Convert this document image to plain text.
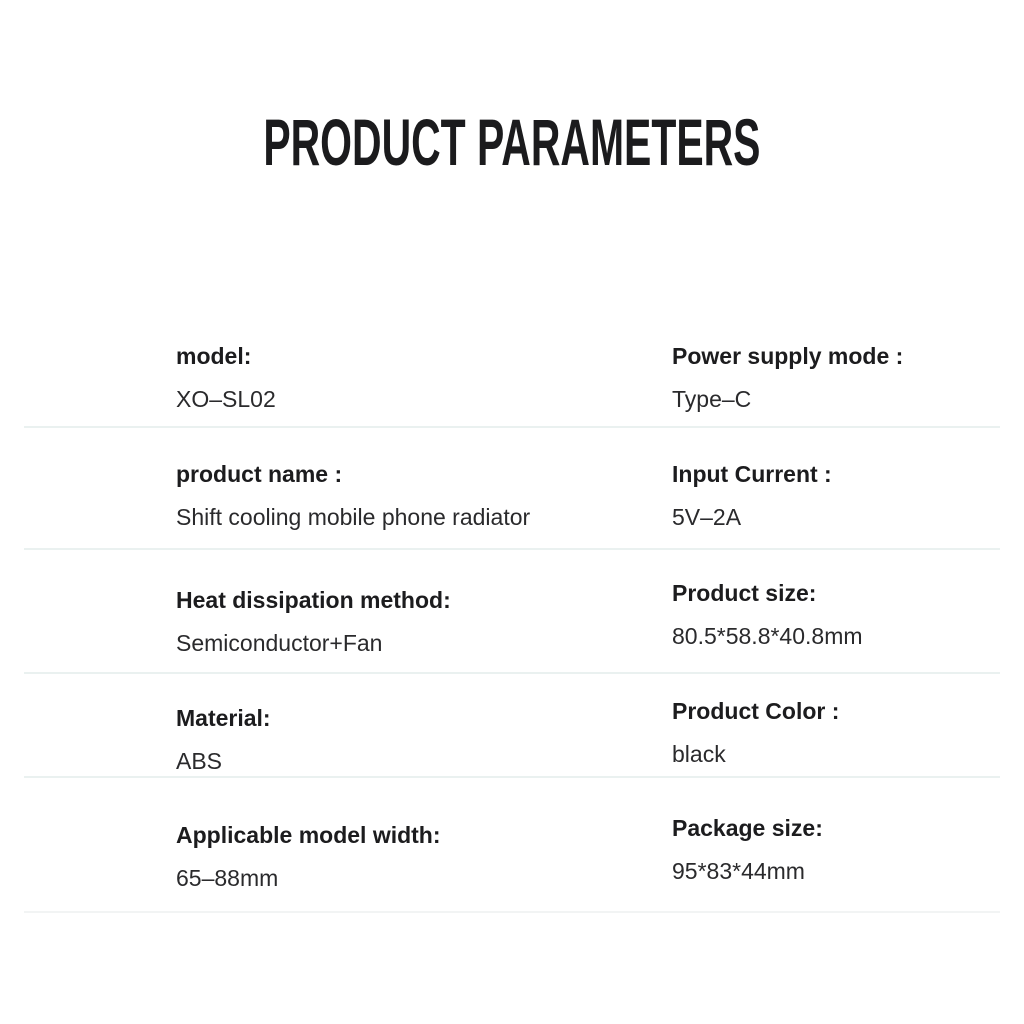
PRODUCT PARAMETERS
model:
XO–SL02
Power supply mode :
Type–C
product name :
Shift cooling mobile phone radiator
Input Current :
5V–2A
Heat dissipation method:
Semiconductor+Fan
Product size:
80.5*58.8*40.8mm
Material:
ABS
Product Color :
black
Applicable model width:
65–88mm
Package size:
95*83*44mm
